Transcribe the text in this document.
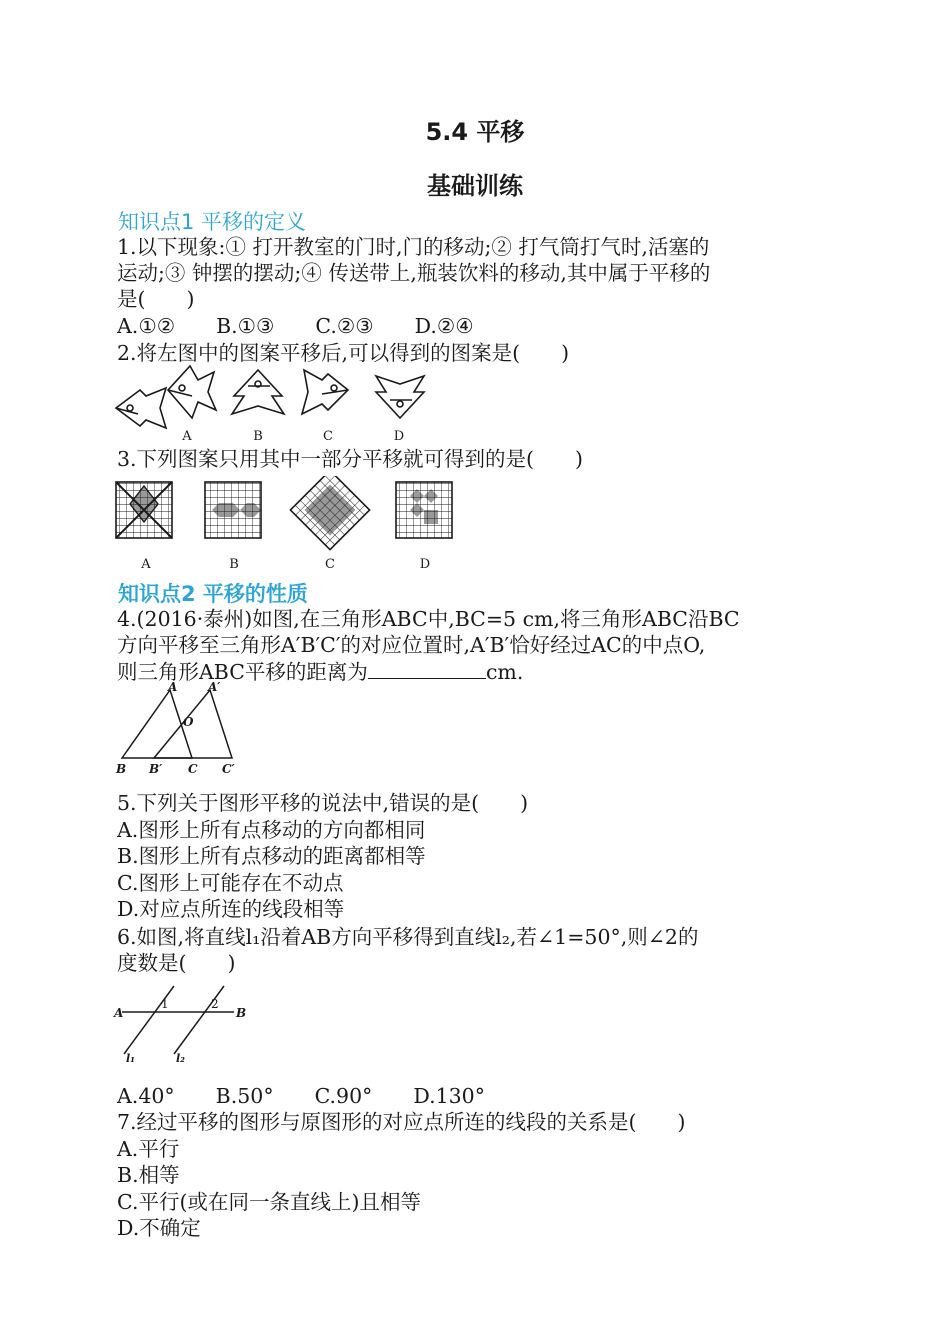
5.4 平移
基础训练
知识点1 平移的定义
1.以下现象:① 打开教室的门时,门的移动;② 打气筒打气时,活塞的
运动;③ 钟摆的摆动;④ 传送带上,瓶装饮料的移动,其中属于平移的
是(　　)
A.①②　　B.①③　　C.②③　　D.②④
2.将左图中的图案平移后,可以得到的图案是(　　)
A	B	C	D
3.下列图案只用其中一部分平移就可得到的是(　　)
A	B	C	D
知识点2 平移的性质
4.(2016·泰州)如图,在三角形ABC中,BC=5 cm,将三角形ABC沿BC
方向平移至三角形A′B′C′的对应位置时,A′B′恰好经过AC的中点O,
则三角形ABC平移的距离为	cm.
A	A′
O
B B′ C C′
5.下列关于图形平移的说法中,错误的是(　　)
A.图形上所有点移动的方向都相同
B.图形上所有点移动的距离都相等
C.图形上可能存在不动点
D.对应点所连的线段相等
6.如图,将直线l₁沿着AB方向平移得到直线l₂,若∠1=50°,则∠2的
度数是(　　)
A	B
1	2
l₁	l₂
A.40°　　B.50°　　C.90°　　D.130°
7.经过平移的图形与原图形的对应点所连的线段的关系是(　　)
A.平行
B.相等
C.平行(或在同一条直线上)且相等
D.不确定
